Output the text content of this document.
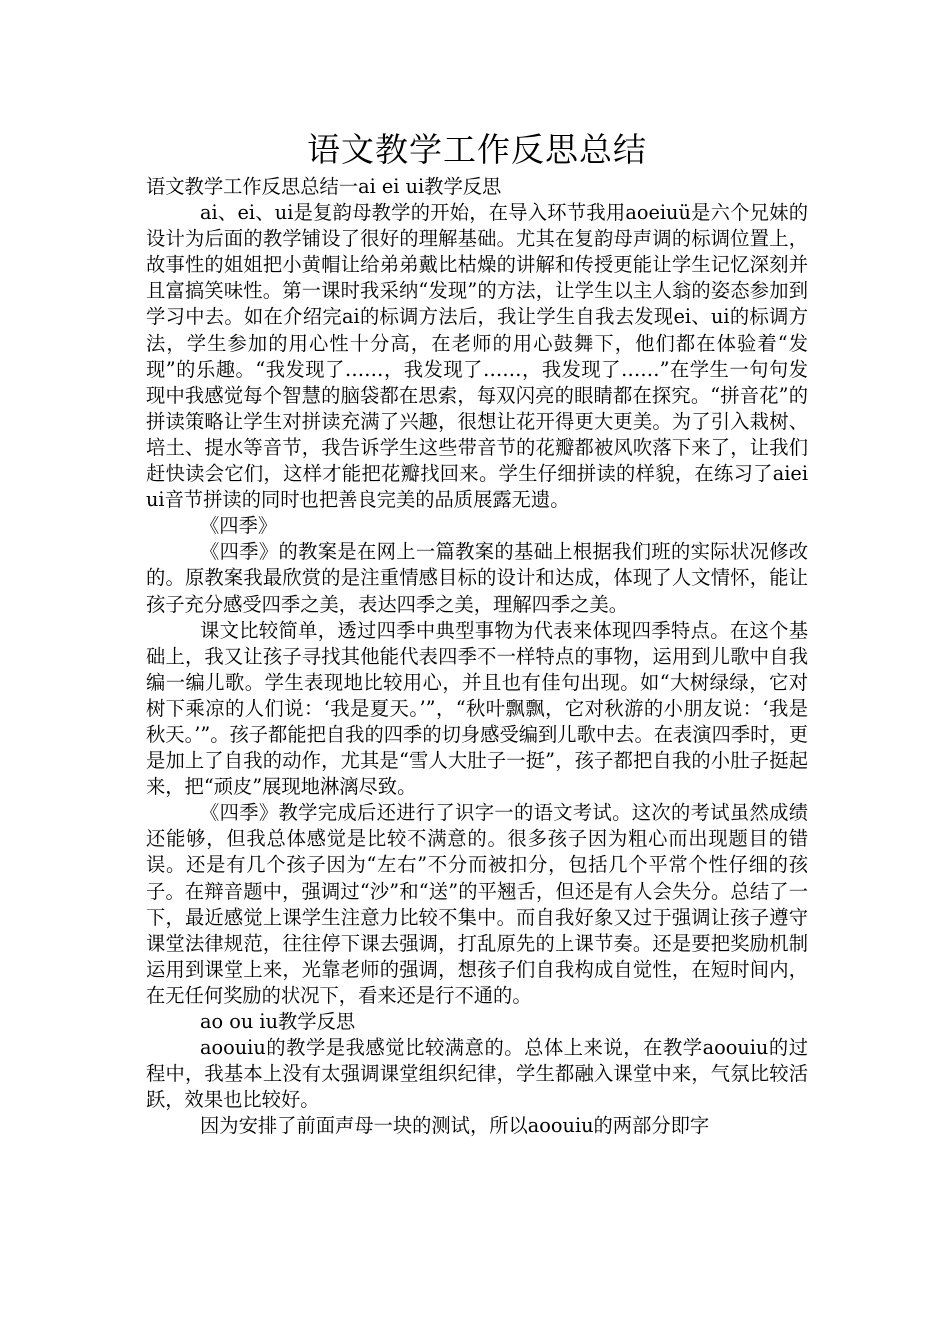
语文教学工作反思总结

语文教学工作反思总结一ai ei ui教学反思

ai、ei、ui是复韵母教学的开始，在导入环节我用aoeiuü是六个兄妹的设计为后面的教学铺设了很好的理解基础。尤其在复韵母声调的标调位置上，故事性的姐姐把小黄帽让给弟弟戴比枯燥的讲解和传授更能让学生记忆深刻并且富搞笑味性。第一课时我采纳“发现”的方法，让学生以主人翁的姿态参加到学习中去。如在介绍完ai的标调方法后，我让学生自我去发现ei、ui的标调方法，学生参加的用心性十分高，在老师的用心鼓舞下，他们都在体验着“发现”的乐趣。“我发现了……，我发现了……，我发现了……”在学生一句句发现中我感觉每个智慧的脑袋都在思索，每双闪亮的眼睛都在探究。“拼音花”的拼读策略让学生对拼读充满了兴趣，很想让花开得更大更美。为了引入栽树、培土、提水等音节，我告诉学生这些带音节的花瓣都被风吹落下来了，让我们赶快读会它们，这样才能把花瓣找回来。学生仔细拼读的样貌，在练习了aieiui音节拼读的同时也把善良完美的品质展露无遗。

《四季》

《四季》的教案是在网上一篇教案的基础上根据我们班的实际状况修改的。原教案我最欣赏的是注重情感目标的设计和达成，体现了人文情怀，能让孩子充分感受四季之美，表达四季之美，理解四季之美。

课文比较简单，透过四季中典型事物为代表来体现四季特点。在这个基础上，我又让孩子寻找其他能代表四季不一样特点的事物，运用到儿歌中自我编一编儿歌。学生表现地比较用心，并且也有佳句出现。如“大树绿绿，它对树下乘凉的人们说：‘我是夏天。’”，“秋叶飘飘，它对秋游的小朋友说：‘我是秋天。’”。孩子都能把自我的四季的切身感受编到儿歌中去。在表演四季时，更是加上了自我的动作，尤其是“雪人大肚子一挺”，孩子都把自我的小肚子挺起来，把“顽皮”展现地淋漓尽致。

《四季》教学完成后还进行了识字一的语文考试。这次的考试虽然成绩还能够，但我总体感觉是比较不满意的。很多孩子因为粗心而出现题目的错误。还是有几个孩子因为“左右”不分而被扣分，包括几个平常个性仔细的孩子。在辩音题中，强调过“沙”和“送”的平翘舌，但还是有人会失分。总结了一下，最近感觉上课学生注意力比较不集中。而自我好象又过于强调让孩子遵守课堂法律规范，往往停下课去强调，打乱原先的上课节奏。还是要把奖励机制运用到课堂上来，光靠老师的强调，想孩子们自我构成自觉性，在短时间内，在无任何奖励的状况下，看来还是行不通的。

ao ou iu教学反思

aoouiu的教学是我感觉比较满意的。总体上来说，在教学aoouiu的过程中，我基本上没有太强调课堂组织纪律，学生都融入课堂中来，气氛比较活跃，效果也比较好。

因为安排了前面声母一块的测试，所以aoouiu的两部分即字
